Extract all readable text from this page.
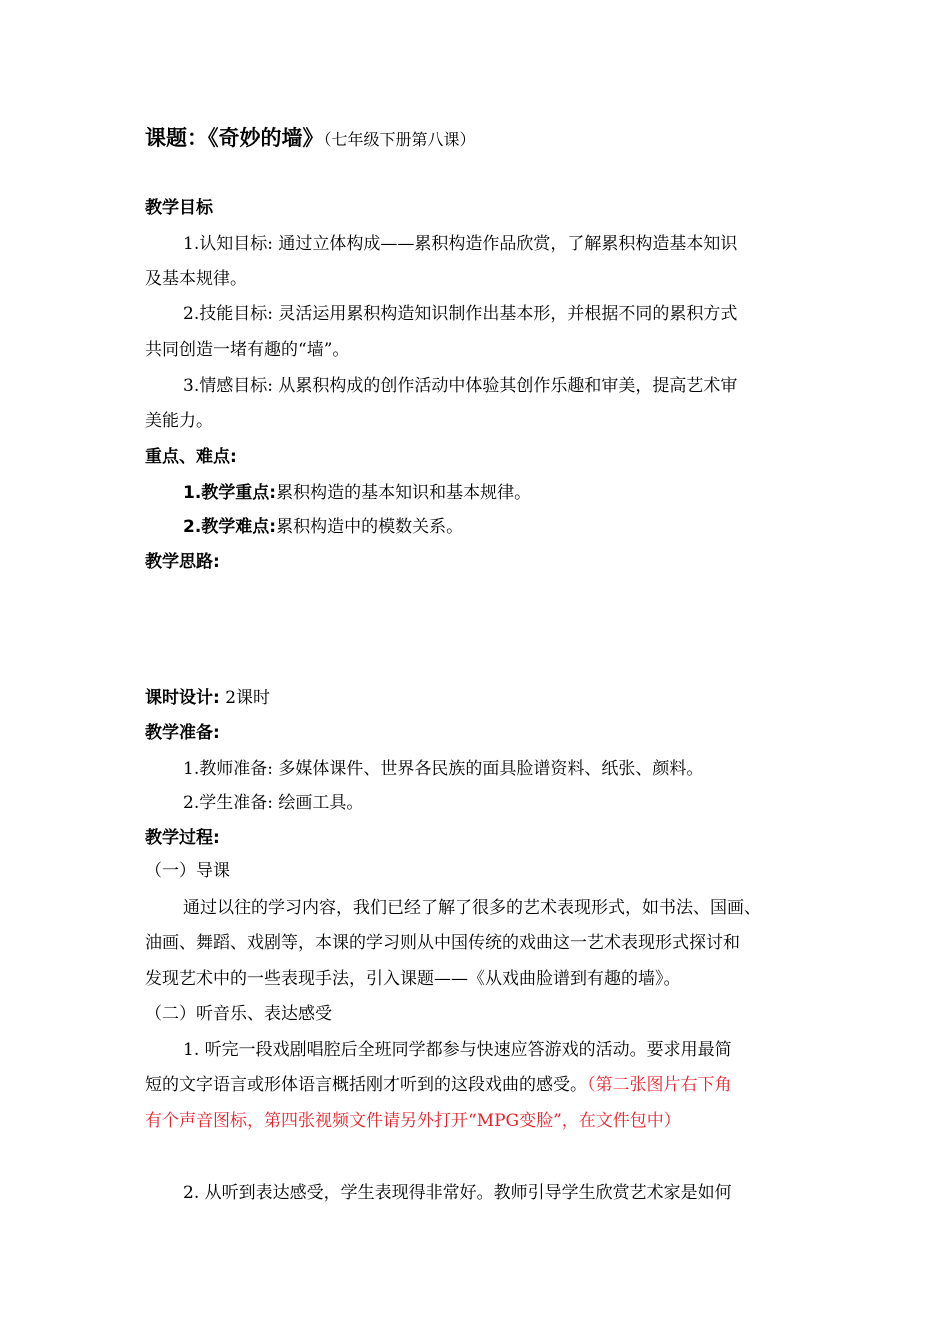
课题：《奇妙的墙》（七年级下册第八课）
教学目标
1.认知目标: 通过立体构成——累积构造作品欣赏，了解累积构造基本知识
及基本规律。
2.技能目标: 灵活运用累积构造知识制作出基本形，并根据不同的累积方式
共同创造一堵有趣的“墙”。
3.情感目标: 从累积构成的创作活动中体验其创作乐趣和审美，提高艺术审
美能力。
重点、难点:
1.教学重点:累积构造的基本知识和基本规律。
2.教学难点:累积构造中的模数关系。
教学思路:
课时设计: 2课时
教学准备:
1.教师准备: 多媒体课件、世界各民族的面具脸谱资料、纸张、颜料。
2.学生准备: 绘画工具。
教学过程:
（一）导课
通过以往的学习内容，我们已经了解了很多的艺术表现形式，如书法、国画、
油画、舞蹈、戏剧等，本课的学习则从中国传统的戏曲这一艺术表现形式探讨和
发现艺术中的一些表现手法，引入课题——《从戏曲脸谱到有趣的墙》。
（二）听音乐、表达感受
1. 听完一段戏剧唱腔后全班同学都参与快速应答游戏的活动。要求用最简
短的文字语言或形体语言概括刚才听到的这段戏曲的感受。（第二张图片右下角
有个声音图标，第四张视频文件请另外打开“MPG变脸”，在文件包中）
2. 从听到表达感受，学生表现得非常好。教师引导学生欣赏艺术家是如何
